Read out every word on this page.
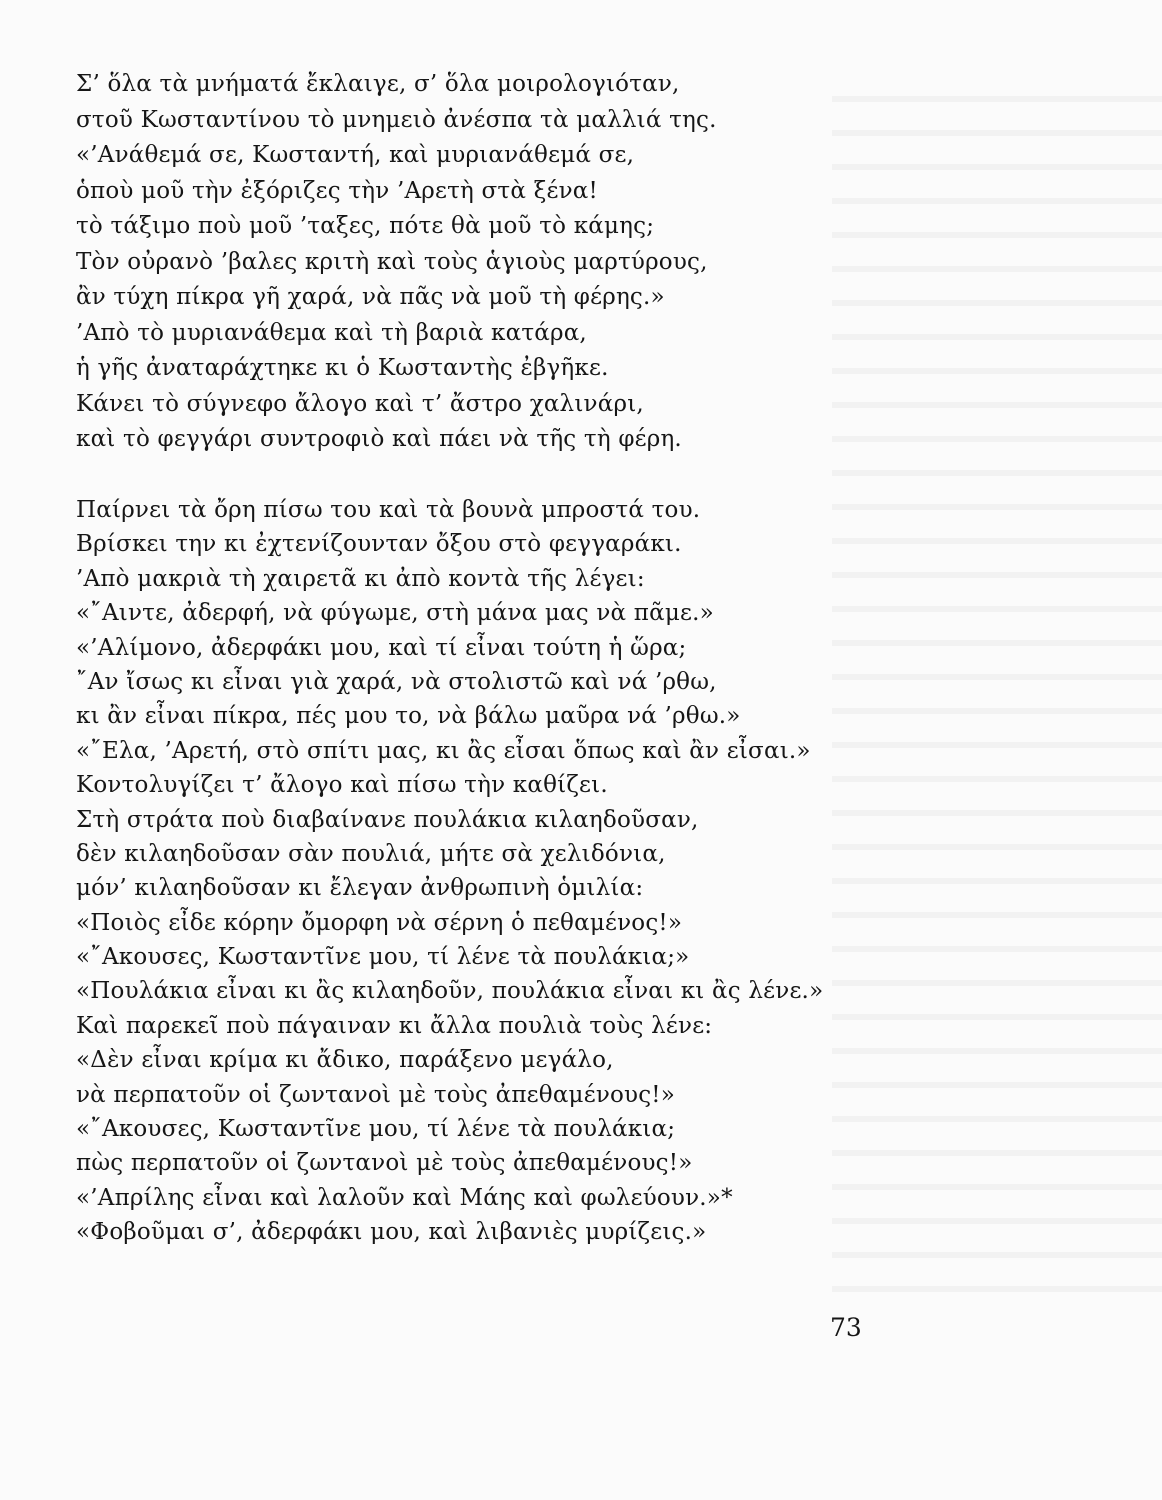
Σ’ ὅλα τὰ μνήματά ἔκλαιγε, σ’ ὅλα μοιρολογιόταν,
στοῦ Κωσταντίνου τὸ μνημειὸ ἀνέσπα τὰ μαλλιά της.
«’Ανάθεμά σε, Κωσταντή, καὶ μυριανάθεμά σε,
ὁποὺ μοῦ τὴν ἐξόριζες τὴν ’Αρετὴ στὰ ξένα!
τὸ τάξιμο ποὺ μοῦ ’ταξες, πότε θὰ μοῦ τὸ κάμης;
Τὸν οὐρανὸ ’βαλες κριτὴ καὶ τοὺς ἁγιοὺς μαρτύρους,
ἂν τύχη πίκρα γῆ χαρά, νὰ πᾶς νὰ μοῦ τὴ φέρης.»
’Απὸ τὸ μυριανάθεμα καὶ τὴ βαριὰ κατάρα,
ἡ γῆς ἀναταράχτηκε κι ὁ Κωσταντὴς ἐβγῆκε.
Κάνει τὸ σύγνεφο ἄλογο καὶ τ’ ἄστρο χαλινάρι,
καὶ τὸ φεγγάρι συντροφιὸ καὶ πάει νὰ τῆς τὴ φέρη.
Παίρνει τὰ ὄρη πίσω του καὶ τὰ βουνὰ μπροστά του.
Βρίσκει την κι ἐχτενίζουνταν ὄξου στὸ φεγγαράκι.
’Απὸ μακριὰ τὴ χαιρετᾶ κι ἀπὸ κοντὰ τῆς λέγει:
«῎Αιντε, ἀδερφή, νὰ φύγωμε, στὴ μάνα μας νὰ πᾶμε.»
«’Αλίμονο, ἀδερφάκι μου, καὶ τί εἶναι τούτη ἡ ὥρα;
῎Αν ἴσως κι εἶναι γιὰ χαρά, νὰ στολιστῶ καὶ νά ’ρθω,
κι ἂν εἶναι πίκρα, πές μου το, νὰ βάλω μαῦρα νά ’ρθω.»
«῎Ελα, ’Αρετή, στὸ σπίτι μας, κι ἂς εἶσαι ὅπως καὶ ἂν εἶσαι.»
Κοντολυγίζει τ’ ἄλογο καὶ πίσω τὴν καθίζει.
Στὴ στράτα ποὺ διαβαίνανε πουλάκια κιλαηδοῦσαν,
δὲν κιλαηδοῦσαν σὰν πουλιά, μήτε σὰ χελιδόνια,
μόν’ κιλαηδοῦσαν κι ἔλεγαν ἀνθρωπινὴ ὁμιλία:
«Ποιὸς εἶδε κόρην ὄμορφη νὰ σέρνη ὁ πεθαμένος!»
«῎Ακουσες, Κωσταντῖνε μου, τί λένε τὰ πουλάκια;»
«Πουλάκια εἶναι κι ἂς κιλαηδοῦν, πουλάκια εἶναι κι ἂς λένε.»
Καὶ παρεκεῖ ποὺ πάγαιναν κι ἄλλα πουλιὰ τοὺς λένε:
«Δὲν εἶναι κρίμα κι ἄδικο, παράξενο μεγάλο,
νὰ περπατοῦν οἱ ζωντανοὶ μὲ τοὺς ἀπεθαμένους!»
«῎Ακουσες, Κωσταντῖνε μου, τί λένε τὰ πουλάκια;
πὼς περπατοῦν οἱ ζωντανοὶ μὲ τοὺς ἀπεθαμένους!»
«’Απρίλης εἶναι καὶ λαλοῦν καὶ Μάης καὶ φωλεύουν.»*
«Φοβοῦμαι σ’, ἀδερφάκι μου, καὶ λιβανιὲς μυρίζεις.»
73
